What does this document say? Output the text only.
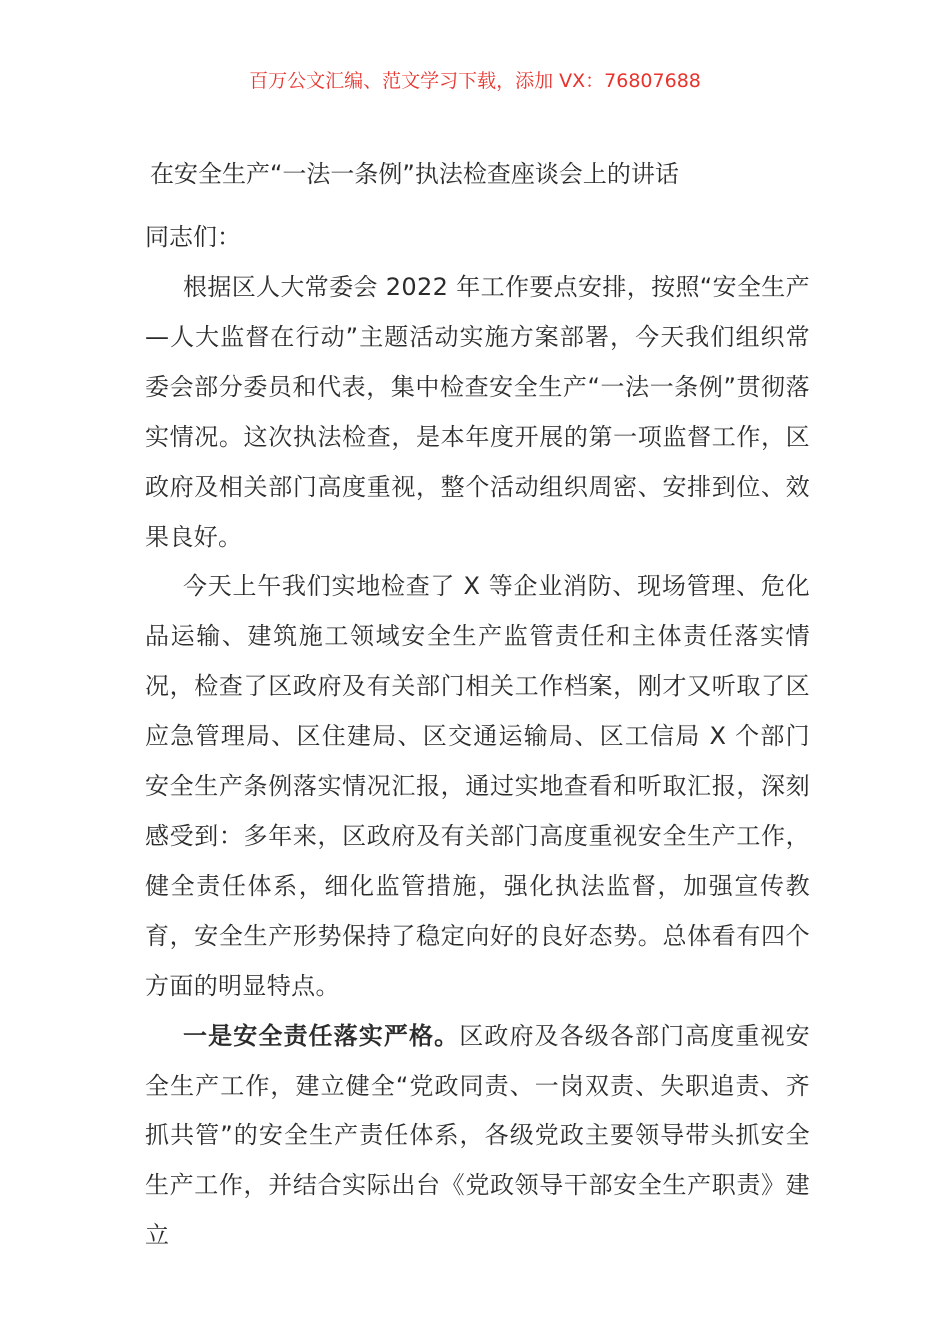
百万公文汇编、范文学习下载，添加 VX：76807688
在安全生产“一法一条例”执法检查座谈会上的讲话
同志们：

根据区人大常委会 2022 年工作要点安排，按照“安全生产—人大监督在行动”主题活动实施方案部署，今天我们组织常委会部分委员和代表，集中检查安全生产“一法一条例”贯彻落实情况。这次执法检查，是本年度开展的第一项监督工作，区政府及相关部门高度重视，整个活动组织周密、安排到位、效果良好。

今天上午我们实地检查了 X 等企业消防、现场管理、危化品运输、建筑施工领域安全生产监管责任和主体责任落实情况，检查了区政府及有关部门相关工作档案，刚才又听取了区应急管理局、区住建局、区交通运输局、区工信局 X 个部门安全生产条例落实情况汇报，通过实地查看和听取汇报，深刻感受到：多年来，区政府及有关部门高度重视安全生产工作，健全责任体系，细化监管措施，强化执法监督，加强宣传教育，安全生产形势保持了稳定向好的良好态势。总体看有四个方面的明显特点。

一是安全责任落实严格。区政府及各级各部门高度重视安全生产工作，建立健全“党政同责、一岗双责、失职追责、齐抓共管”的安全生产责任体系，各级党政主要领导带头抓安全生产工作，并结合实际出台《党政领导干部安全生产职责》建立
